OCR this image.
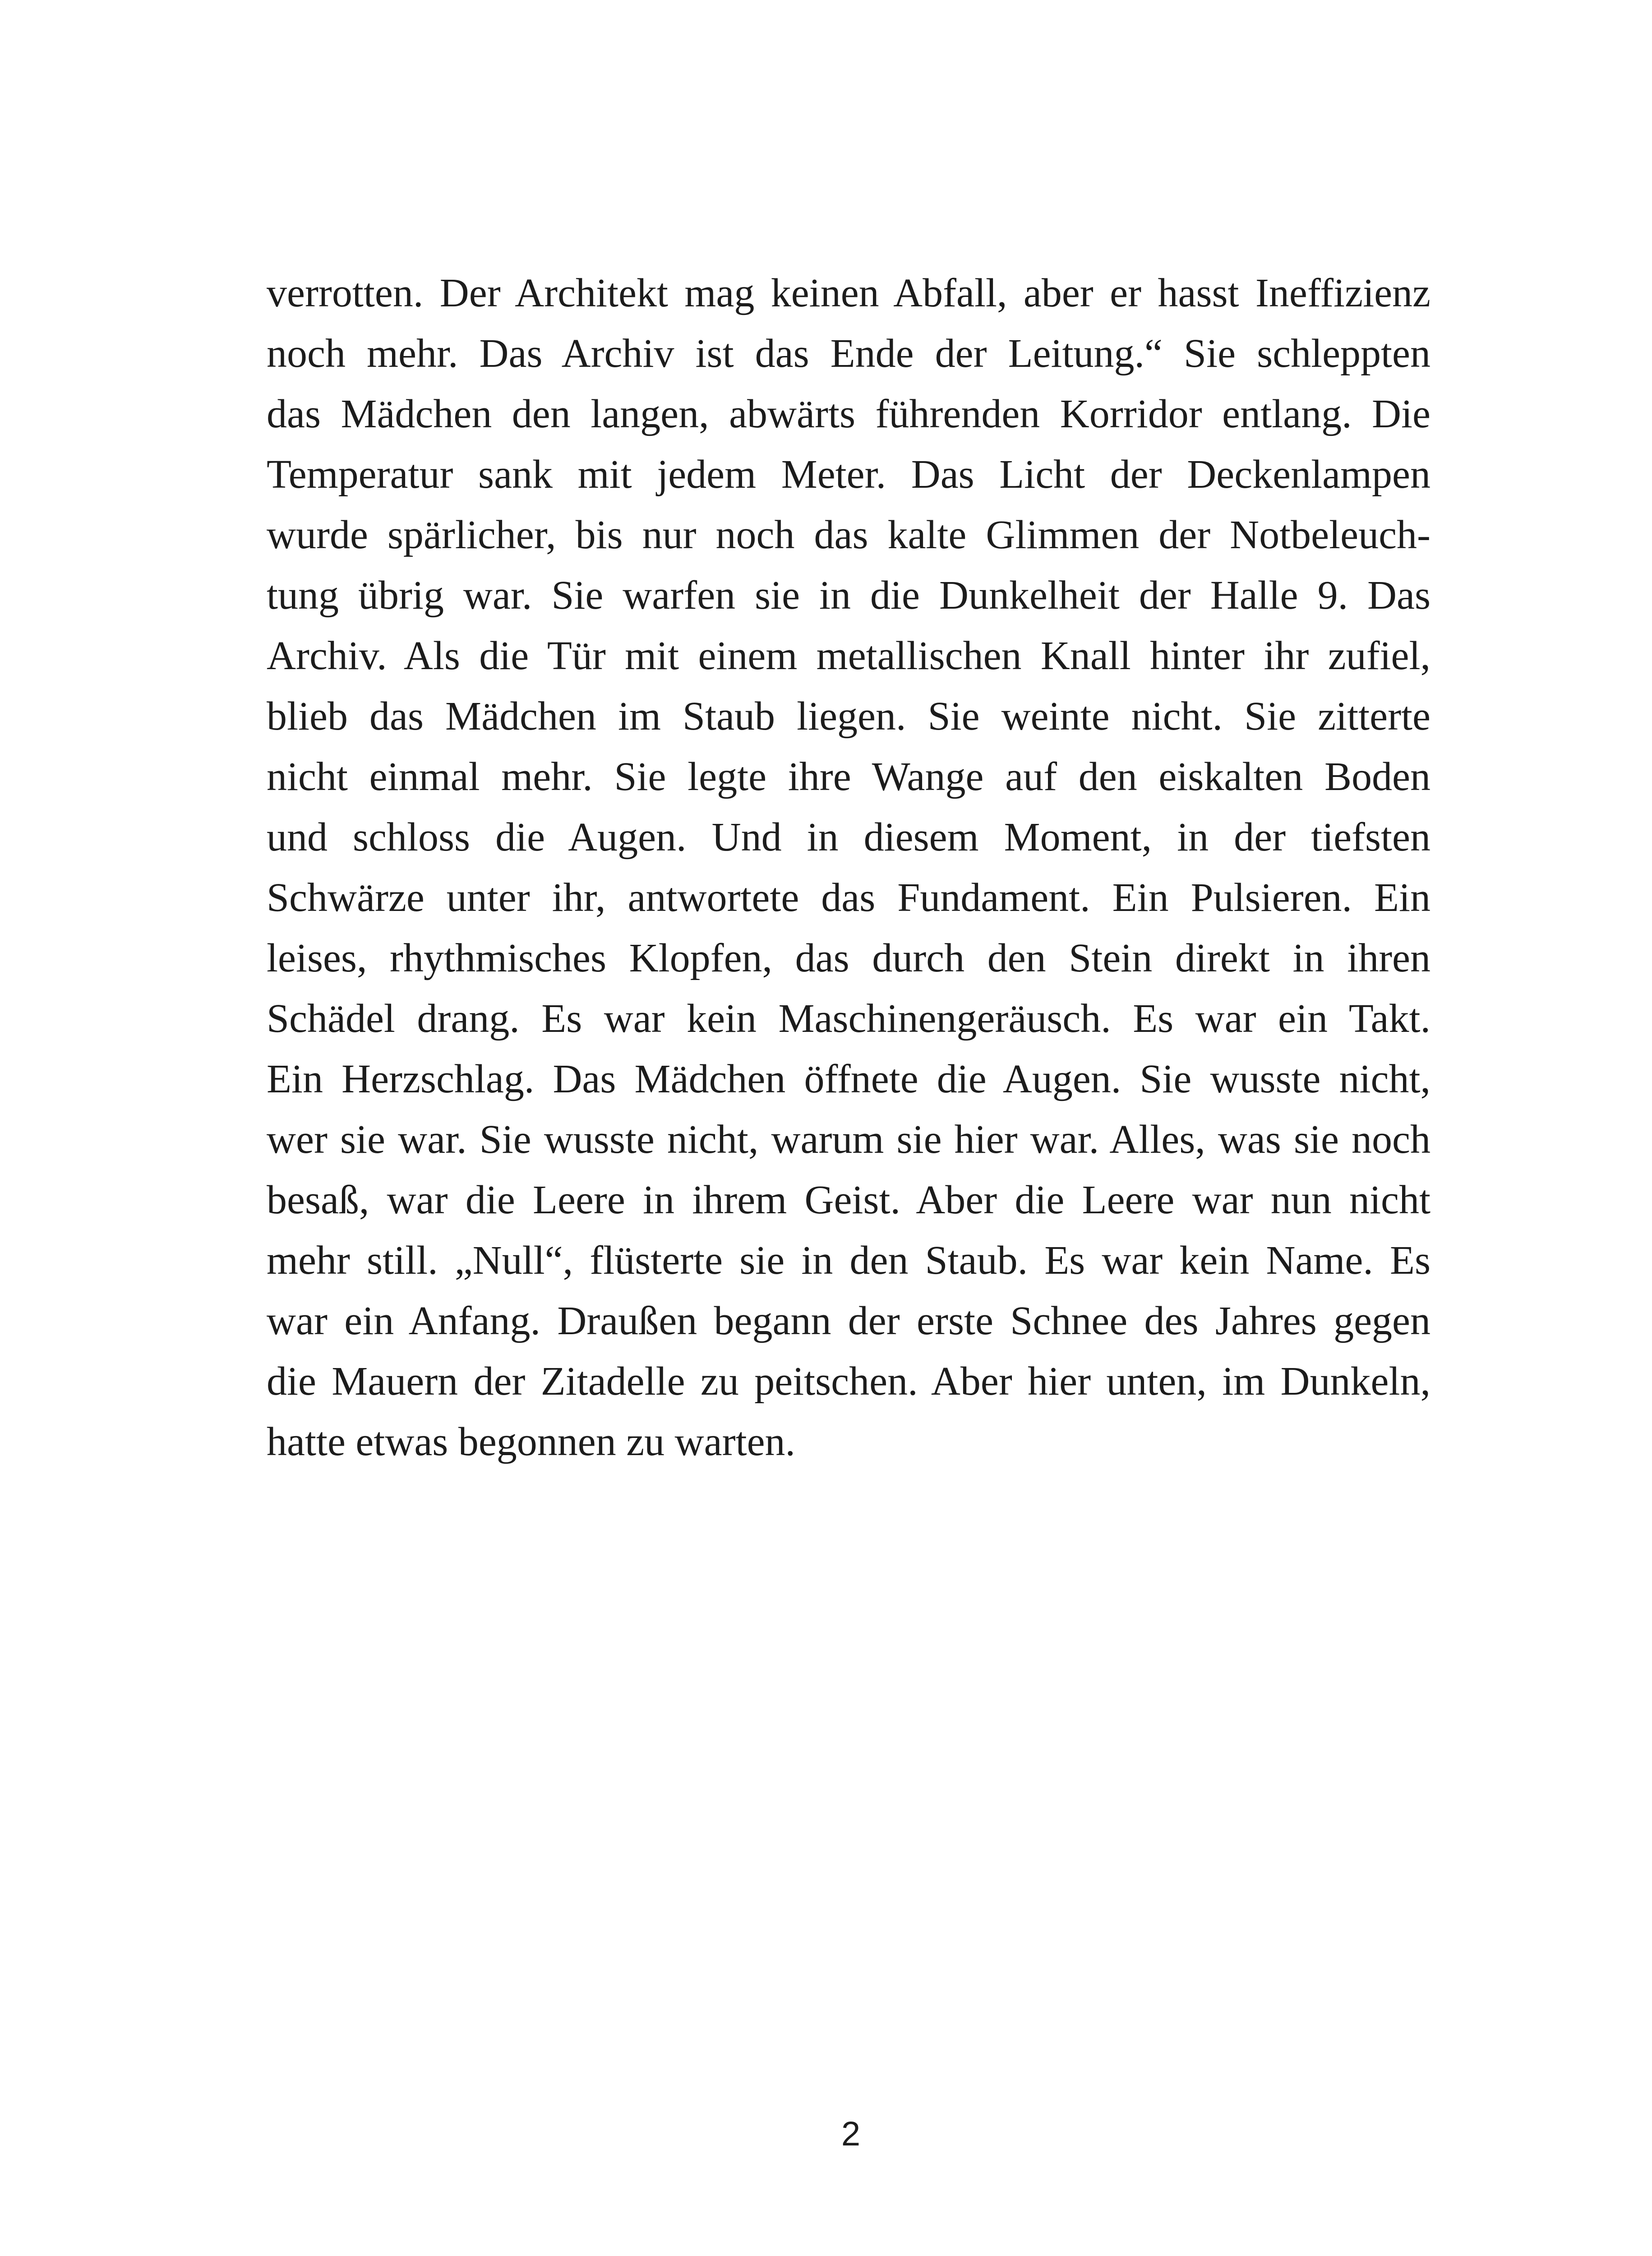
verrotten. Der Architekt mag keinen Abfall, aber er hasst Ineffizienz
noch mehr. Das Archiv ist das Ende der Leitung.“ Sie schleppten
das Mädchen den langen, abwärts führenden Korridor entlang. Die
Temperatur sank mit jedem Meter. Das Licht der Deckenlampen
wurde spärlicher, bis nur noch das kalte Glimmen der Notbeleuch-
tung übrig war. Sie warfen sie in die Dunkelheit der Halle 9. Das
Archiv. Als die Tür mit einem metallischen Knall hinter ihr zufiel,
blieb das Mädchen im Staub liegen. Sie weinte nicht. Sie zitterte
nicht einmal mehr. Sie legte ihre Wange auf den eiskalten Boden
und schloss die Augen. Und in diesem Moment, in der tiefsten
Schwärze unter ihr, antwortete das Fundament. Ein Pulsieren. Ein
leises, rhythmisches Klopfen, das durch den Stein direkt in ihren
Schädel drang. Es war kein Maschinengeräusch. Es war ein Takt.
Ein Herzschlag. Das Mädchen öffnete die Augen. Sie wusste nicht,
wer sie war. Sie wusste nicht, warum sie hier war. Alles, was sie noch
besaß, war die Leere in ihrem Geist. Aber die Leere war nun nicht
mehr still. „Null“, flüsterte sie in den Staub. Es war kein Name. Es
war ein Anfang. Draußen begann der erste Schnee des Jahres gegen
die Mauern der Zitadelle zu peitschen. Aber hier unten, im Dunkeln,
hatte etwas begonnen zu warten.
2
